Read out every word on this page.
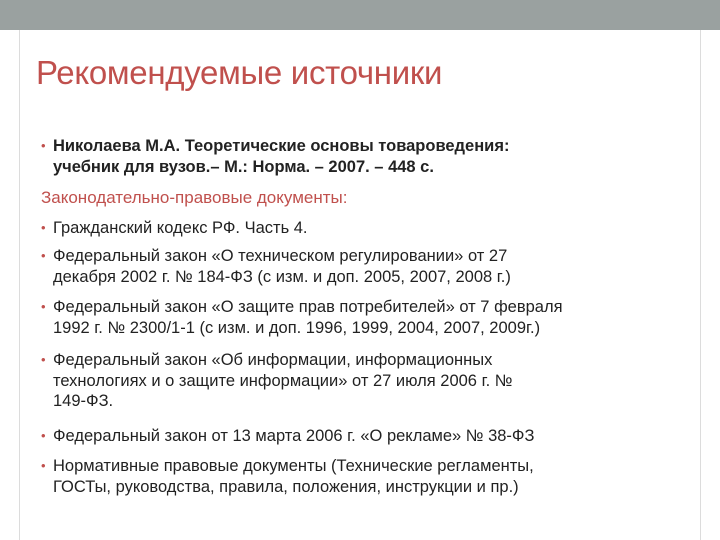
Рекомендуемые источники
• Николаева М.А. Теоретические основы товароведения:
учебник для вузов.– М.: Норма. – 2007. – 448 с.
Законодательно-правовые документы:
• Гражданский кодекс РФ. Часть 4.
• Федеральный закон «О техническом регулировании» от 27
декабря 2002 г. № 184-ФЗ (с изм. и доп. 2005, 2007, 2008 г.)
• Федеральный закон «О защите прав потребителей» от 7 февраля
1992 г. № 2300/1-1 (с изм. и доп. 1996, 1999, 2004, 2007, 2009г.)
• Федеральный закон «Об информации, информационных
технологиях и о защите информации» от 27 июля 2006 г. №
149-ФЗ.
• Федеральный закон от 13 марта 2006 г. «О рекламе» № 38-ФЗ
• Нормативные правовые документы (Технические регламенты,
ГОСТы, руководства, правила, положения, инструкции и пр.)
